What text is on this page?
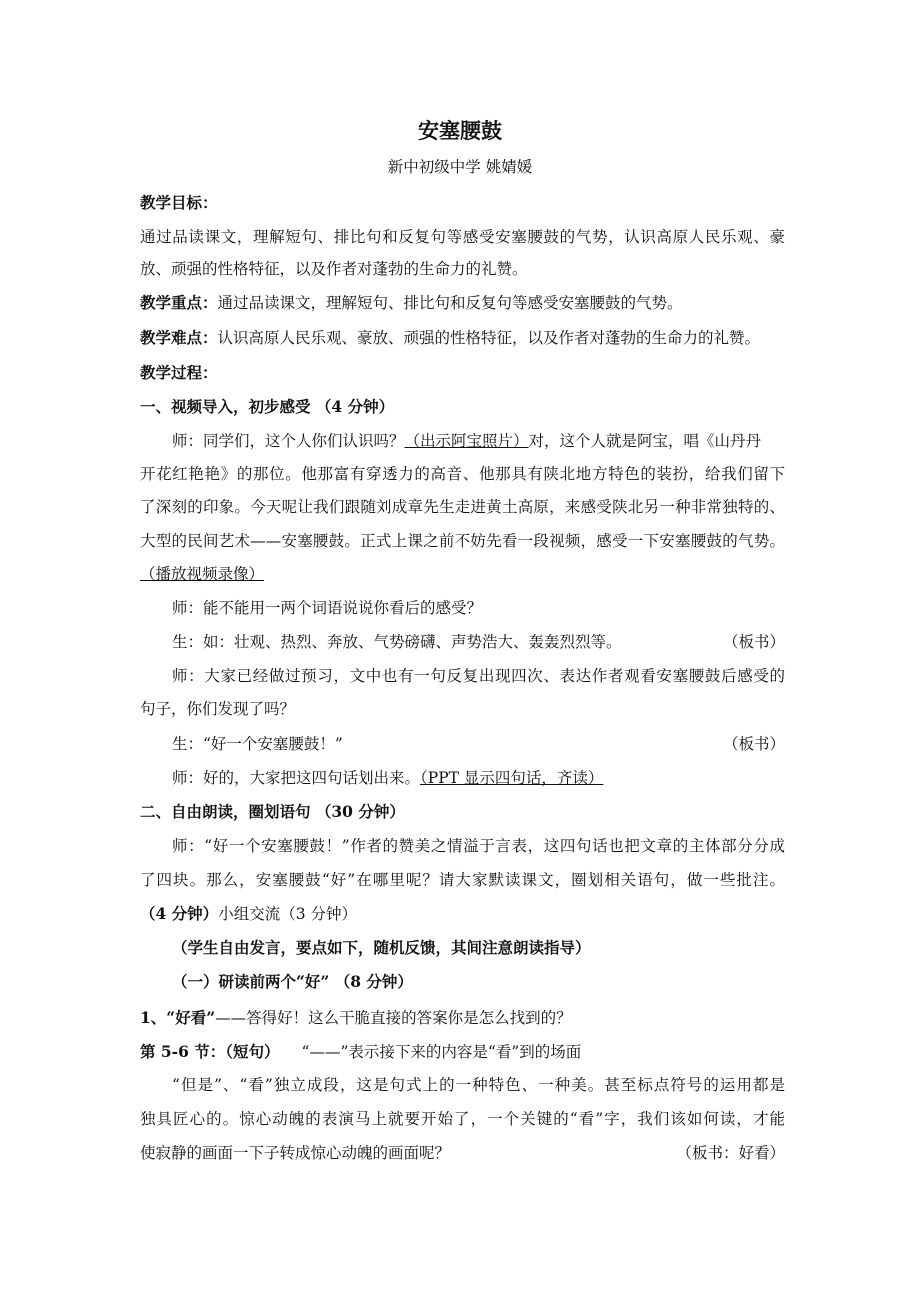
安塞腰鼓
新中初级中学 姚婧媛
教学目标：
通过品读课文，理解短句、排比句和反复句等感受安塞腰鼓的气势，认识高原人民乐观、豪
放、顽强的性格特征，以及作者对蓬勃的生命力的礼赞。
教学重点：通过品读课文，理解短句、排比句和反复句等感受安塞腰鼓的气势。
教学难点：认识高原人民乐观、豪放、顽强的性格特征，以及作者对蓬勃的生命力的礼赞。
教学过程：
一、视频导入，初步感受 （4 分钟）
师：同学们，这个人你们认识吗？（出示阿宝照片）对，这个人就是阿宝，唱《山丹丹
开花红艳艳》的那位。他那富有穿透力的高音、他那具有陕北地方特色的装扮，给我们留下
了深刻的印象。今天呢让我们跟随刘成章先生走进黄土高原，来感受陕北另一种非常独特的、
大型的民间艺术——安塞腰鼓。正式上课之前不妨先看一段视频，感受一下安塞腰鼓的气势。
（播放视频录像）
师：能不能用一两个词语说说你看后的感受？
生：如：壮观、热烈、奔放、气势磅礴、声势浩大、轰轰烈烈等。	（板书）
师：大家已经做过预习，文中也有一句反复出现四次、表达作者观看安塞腰鼓后感受的
句子，你们发现了吗？
生：“好一个安塞腰鼓！”	（板书）
师：好的，大家把这四句话划出来。（PPT 显示四句话，齐读）
二、自由朗读，圈划语句 （30 分钟）
师：“好一个安塞腰鼓！”作者的赞美之情溢于言表，这四句话也把文章的主体部分分成
了四块。那么，安塞腰鼓“好”在哪里呢？请大家默读课文，圈划相关语句，做一些批注。
（4 分钟）小组交流（3 分钟）
（学生自由发言，要点如下，随机反馈，其间注意朗读指导）
（一）研读前两个“好” （8 分钟）
1、“好看”——答得好！这么干脆直接的答案你是怎么找到的？
第 5-6 节：（短句） “——”表示接下来的内容是“看”到的场面
“但是”、“看”独立成段，这是句式上的一种特色、一种美。甚至标点符号的运用都是
独具匠心的。惊心动魄的表演马上就要开始了，一个关键的“看”字，我们该如何读，才能
使寂静的画面一下子转成惊心动魄的画面呢？	（板书：好看）
